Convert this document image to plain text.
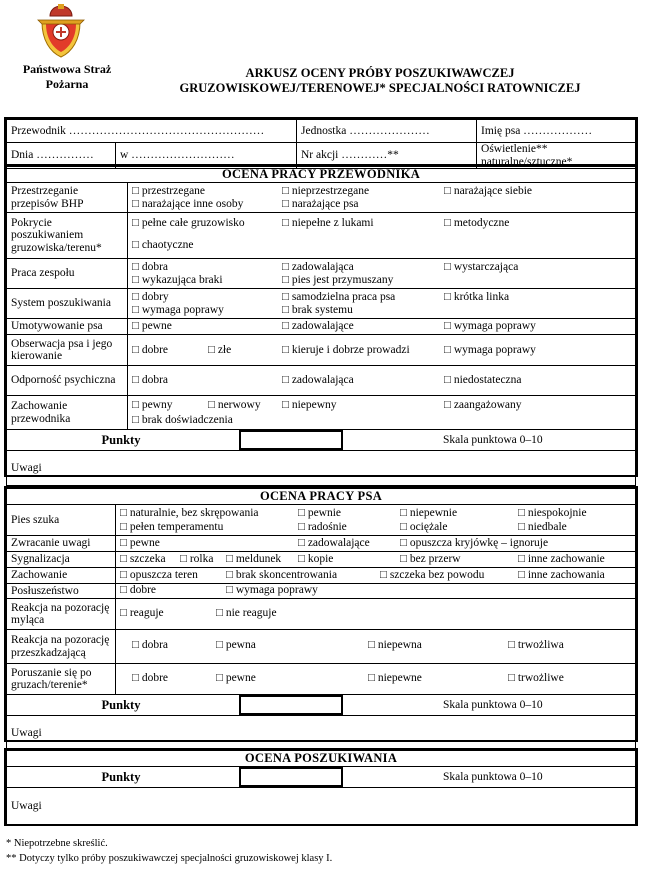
Państwowa Straż
Pożarna
ARKUSZ OCENY PRÓBY POSZUKIWAWCZEJ
GRUZOWISKOWEJ/TERENOWEJ* SPECJALNOŚCI RATOWNICZEJ
Przewodnik ……………………………………………	Jednostka …………………	Imię psa ………………

Dnia ……………	w ………………………
		Nr akcji …………**	Oświetlenie** naturalne/sztuczne*
OCENA PRACY PRZEWODNIKA
Przestrzeganie przepisów BHP	
□ przestrzegane	□ nieprzestrzegane	□ narażające siebie
□ narażające inne osoby	□ narażające psa

Pokrycie poszukiwaniem gruzowiska/terenu*	
□ pełne całe gruzowisko	□ niepełne z lukami	□ metodyczne
□ chaotyczne

Praca zespołu	
□ dobra	□ zadowalająca	□ wystarczająca
□ wykazująca braki	□ pies jest przymuszany

System poszukiwania	
□ dobry	□ samodzielna praca psa	□ krótka linka
□ wymaga poprawy	□ brak systemu

Umotywowanie psa	□ pewne	□ zadowalające	□ wymaga poprawy

Obserwacja psa i jego kierowanie	□ dobre	□ złe	□ kieruje i dobrze prowadzi	□ wymaga poprawy

Odporność psychiczna	□ dobra	□ zadowalająca	□ niedostateczna

Zachowanie przewodnika	
□ pewny	□ nerwowy □ niepewny	□ zaangażowany
□ brak doświadczenia

Punkty		Skala punktowa 0–10

Uwagi
OCENA PRACY PSA
Pies szuka	
□ naturalnie, bez skrępowania	□ pewnie	□ niepewnie	□ niespokojnie
□ pełen temperamentu	□ radośnie	□ ociężale	□ niedbale

Zwracanie uwagi	□ pewne	□ zadowalające	□ opuszcza kryjówkę – ignoruje

Sygnalizacja	□ szczeka □ rolka □ meldunek □ kopie	□ bez przerw	□ inne zachowanie

Zachowanie	□ opuszcza teren □ brak skoncentrowania	□ szczeka bez powodu	□ inne zachowania

Posłuszeństwo	□ dobre	□ wymaga poprawy

Reakcja na pozorację myląca	
□ reaguje	□ nie reaguje

Reakcja na pozorację przeszkadzającą	
□ dobra	□ pewna	□ niepewna	□ trwożliwa

Poruszanie się po gruzach/terenie*	
□ dobre	□ pewne	□ niepewne	□ trwożliwe

Punkty		Skala punktowa 0–10

Uwagi
OCENA POSZUKIWANIA

Punkty		Skala punktowa 0–10

Uwagi
* Niepotrzebne skreślić.
** Dotyczy tylko próby poszukiwawczej specjalności gruzowiskowej klasy I.
